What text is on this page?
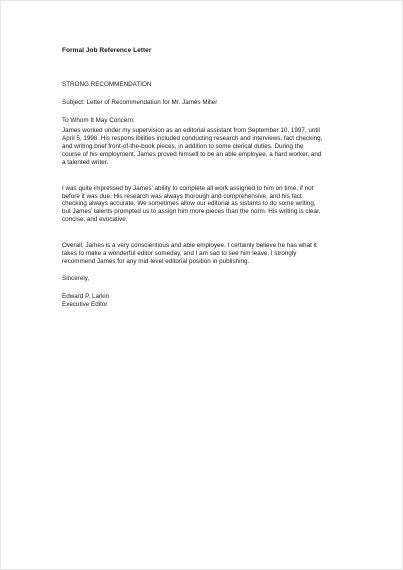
Formal Job Reference Letter

STRONG RECOMMENDATION

Subject: Letter of Recommendation for Mr. James Miller

To Whom It May Concern:

James worked under my supervision as an editorial assistant from September 10, 1997, until

April 5, 1998. His respons ibilities included conducting research and interviews, fact checking,

and writing brief front-of-the-book pieces, in addition to some clerical duties. During the

course of his employment, James proved himself to be an able employee, a hard worker, and

a talented writer.

I was quite impressed by James' ability to complete all work assigned to him on time, if not

before it was due. His research was always thorough and comprehensive, and his fact

checking always accurate. We sometimes allow our editorial as sistants to do some writing,

but James' talents prompted us to assign him more pieces than the norm. His writing is clear,

concise, and evocative.

Overall, James is a very conscientious and able employee. I certainly believe he has what it

takes to make a wonderful editor someday, and I am sad to see him leave. I strongly

recommend James for any mid-level editorial position in publishing.

Sincerely,

Edward P. Larkin

Executive Editor
